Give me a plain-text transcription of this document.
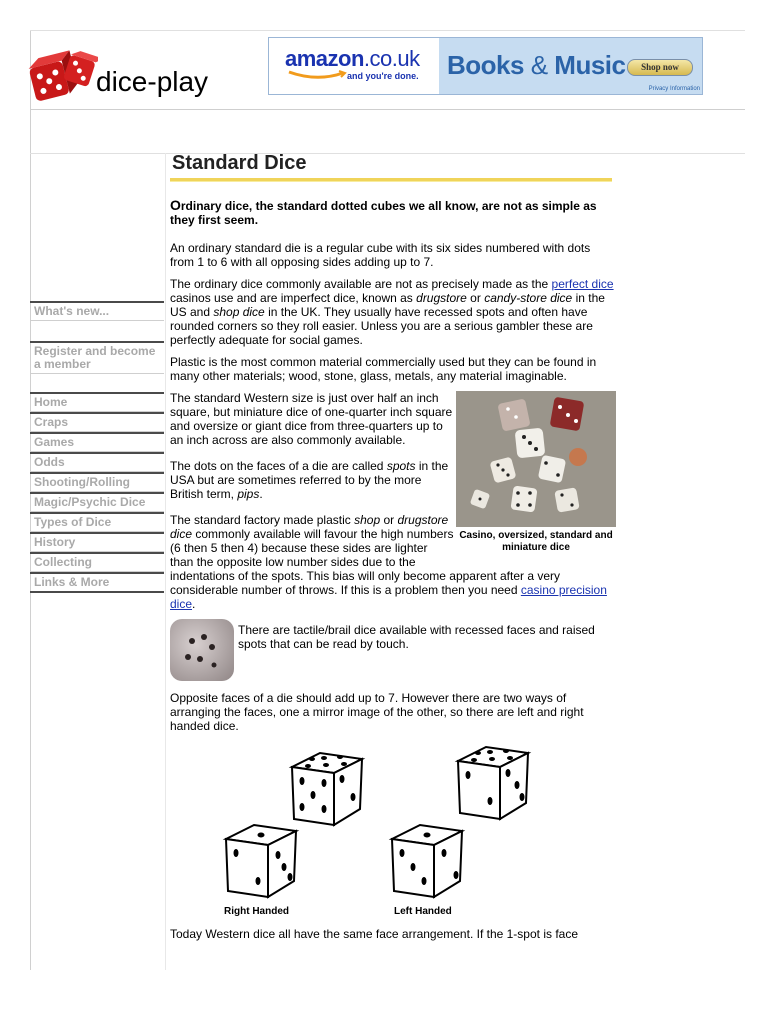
dice-play
amazon.co.uk
and you're done. Books & Music	Shop now
Privacy Information
What's new...
Register and become a member
Home
Craps
Games
Odds
Shooting/Rolling
Magic/Psychic Dice
Types of Dice
History
Collecting
Links & More
Standard Dice

Ordinary dice, the standard dotted cubes we all know, are not as simple as they first seem.

An ordinary standard die is a regular cube with its six sides numbered with dots from 1 to 6 with all opposing sides adding up to 7.

The ordinary dice commonly available are not as precisely made as the perfect dice casinos use and are imperfect dice, known as drugstore or candy-store dice in the US and shop dice in the UK. They usually have recessed spots and often have rounded corners so they roll easier. Unless you are a serious gambler these are perfectly adequate for social games.

Plastic is the most common material commercially used but they can be found in many other materials; wood, stone, glass, metals, any material imaginable.

Casino, oversized, standard and miniature dice

The standard Western size is just over half an inch square, but miniature dice of one-quarter inch square and oversize or giant dice from three-quarters up to an inch across are also commonly available.

The dots on the faces of a die are called spots in the USA but are sometimes referred to by the more British term, pips.

The standard factory made plastic shop or drugstore dice commonly available will favour the high numbers (6 then 5 then 4) because these sides are lighter than the opposite low number sides due to the indentations of the spots. This bias will only become apparent after a very considerable number of throws. If this is a problem then you need casino precision dice.

There are tactile/brail dice available with recessed faces and raised spots that can be read by touch.

Opposite faces of a die should add up to 7. However there are two ways of arranging the faces, one a mirror image of the other, so there are left and right handed dice.

Right Handed	Left Handed

Today Western dice all have the same face arrangement. If the 1-spot is face
